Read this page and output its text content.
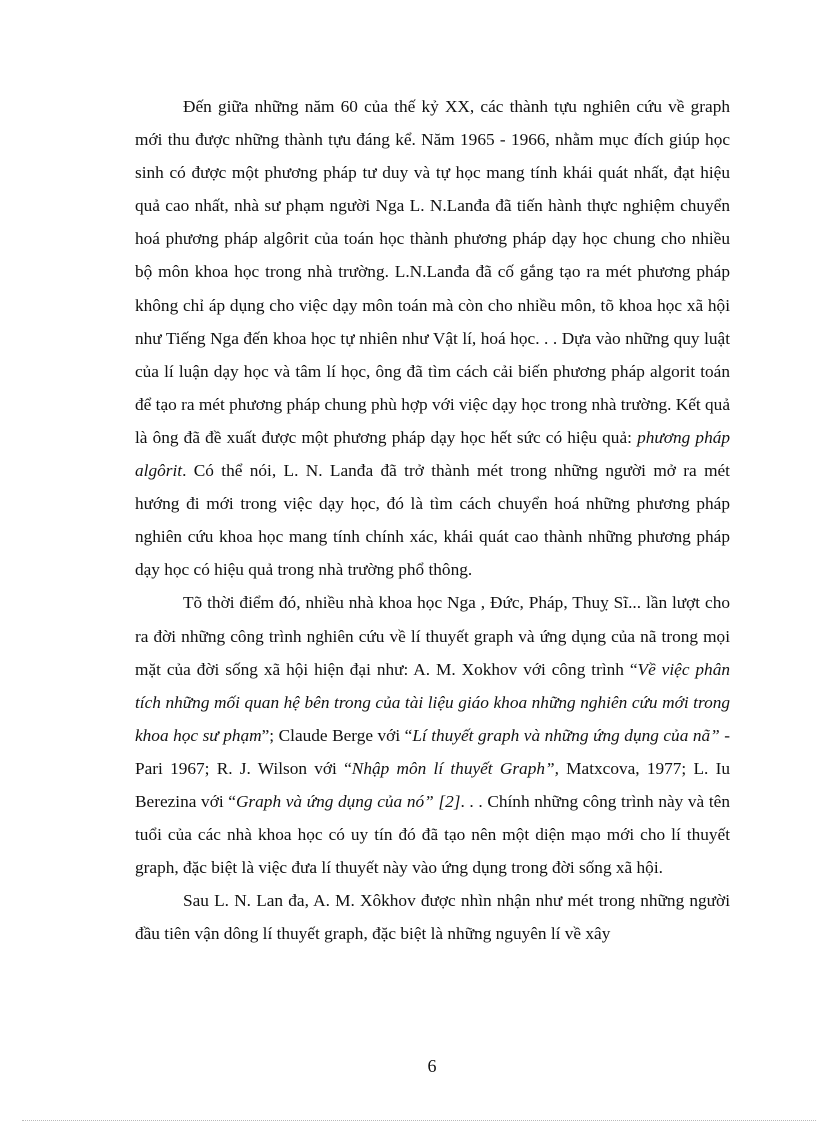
Đến giữa những năm 60 của thế kỷ XX, các thành tựu nghiên cứu về graph mới thu được những thành tựu đáng kể. Năm 1965 - 1966, nhằm mục đích giúp học sinh có được một phương pháp tư duy và tự học mang tính khái quát nhất, đạt hiệu quả cao nhất, nhà sư phạm người Nga L. N.Lanđa đã tiến hành thực nghiệm chuyển hoá phương pháp algôrit của toán học thành phương pháp dạy học chung cho nhiều bộ môn khoa học trong nhà trường. L.N.Lanđa đã cố gắng tạo ra mét phương pháp không chỉ áp dụng cho việc dạy môn toán mà còn cho nhiều môn, tõ khoa học xã hội như Tiếng Nga đến khoa học tự nhiên như Vật lí, hoá học. . . Dựa vào những quy luật của lí luận dạy học và tâm lí học, ông đã tìm cách cải biến phương pháp algorit toán để tạo ra mét phương pháp chung phù hợp với việc dạy học trong nhà trường. Kết quả là ông đã đề xuất được một phương pháp dạy học hết sức có hiệu quả: phương pháp algôrit. Có thể nói, L. N. Lanđa đã trở thành mét trong những người mở ra mét hướng đi mới trong việc dạy học, đó là tìm cách chuyển hoá những phương pháp nghiên cứu khoa học mang tính chính xác, khái quát cao thành những phương pháp dạy học có hiệu quả trong nhà trường phổ thông.

Tõ thời điểm đó, nhiều nhà khoa học Nga , Đức, Pháp, Thuỵ Sĩ... lần lượt cho ra đời những công trình nghiên cứu về lí thuyết graph và ứng dụng của nã trong mọi mặt của đời sống xã hội hiện đại như: A. M. Xokhov với công trình “Về việc phân tích những mối quan hệ bên trong của tài liệu giáo khoa những nghiên cứu mới trong khoa học sư phạm”; Claude Berge với “Lí thuyết graph và những ứng dụng của nã” - Pari 1967; R. J. Wilson với “Nhập môn lí thuyết Graph”, Matxcova, 1977; L. Iu Berezina với “Graph và ứng dụng của nó” [2]. . . Chính những công trình này và tên tuổi của các nhà khoa học có uy tín đó đã tạo nên một diện mạo mới cho lí thuyết graph, đặc biệt là việc đưa lí thuyết này vào ứng dụng trong đời sống xã hội.

Sau L. N. Lan đa, A. M. Xôkhov được nhìn nhận như mét trong những người đầu tiên vận dông lí thuyết graph, đặc biệt là những nguyên lí về xây

6
